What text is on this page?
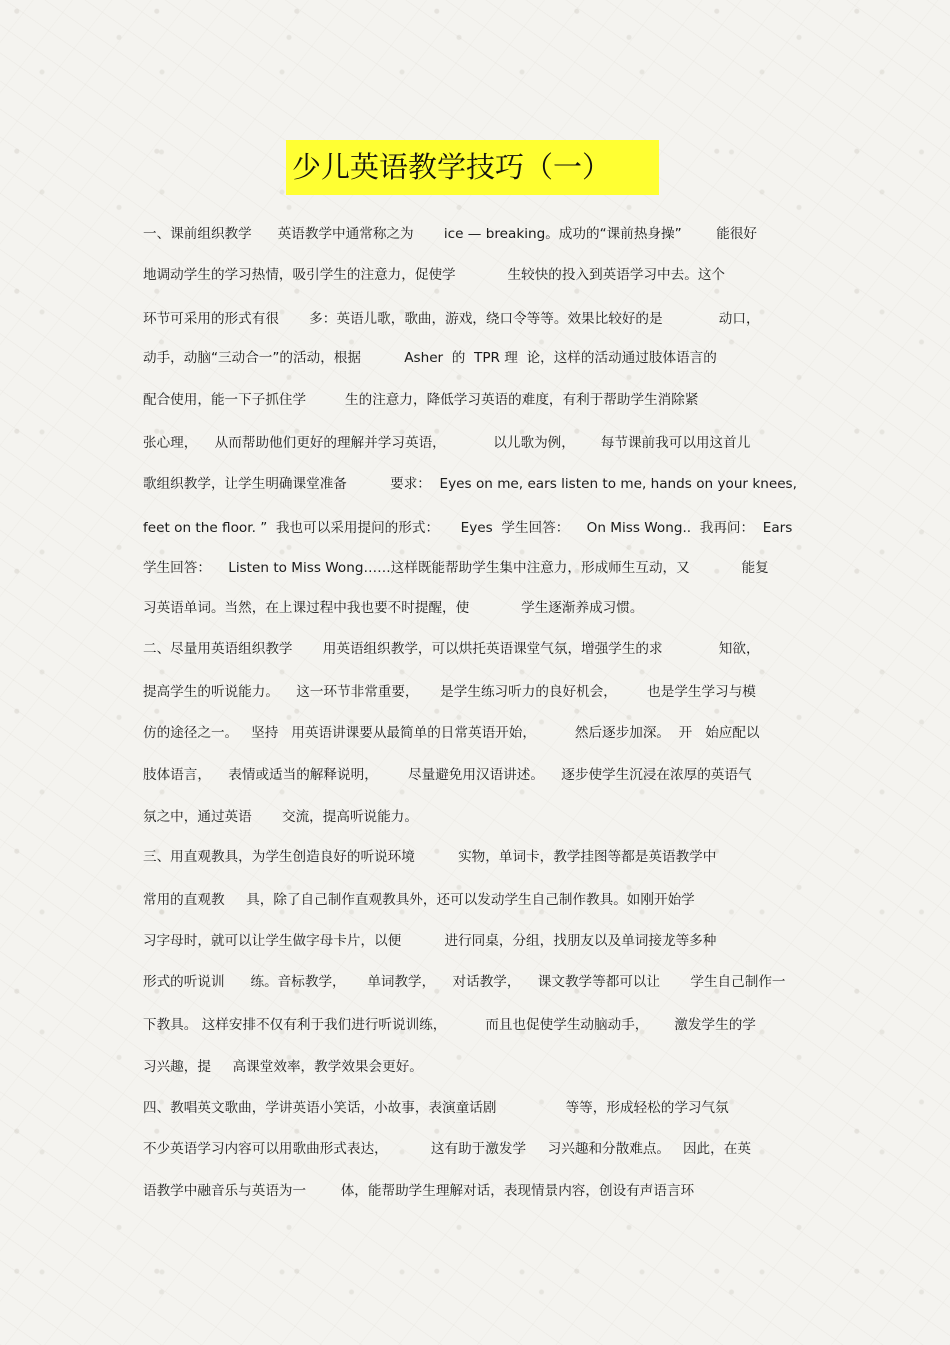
少儿英语教学技巧（一）
一、课前组织教学      英语教学中通常称之为       ice — breaking。成功的“课前热身操”        能很好
地调动学生的学习热情，吸引学生的注意力，促使学            生较快的投入到英语学习中去。这个
环节可采用的形式有很       多：英语儿歌，歌曲，游戏，绕口令等等。效果比较好的是             动口，
动手，动脑“三动合一”的活动，根据          Asher  的  TPR 理  论，这样的活动通过肢体语言的
配合使用，能一下子抓住学         生的注意力，降低学习英语的难度，有利于帮助学生消除紧
张心理，    从而帮助他们更好的理解并学习英语，           以儿歌为例，      每节课前我可以用这首儿
歌组织教学，让学生明确课堂准备          要求：  Eyes on me, ears listen to me, hands on your knees,
feet on the floor. ”  我也可以采用提问的形式：     Eyes  学生回答：    On Miss Wong..  我再问：  Ears
学生回答：    Listen to Miss Wong……这样既能帮助学生集中注意力，形成师生互动，又            能复
习英语单词。当然，在上课过程中我也要不时提醒，使            学生逐渐养成习惯。
二、尽量用英语组织教学       用英语组织教学，可以烘托英语课堂气氛，增强学生的求             知欲，
提高学生的听说能力。    这一环节非常重要，     是学生练习听力的良好机会，       也是学生学习与模
仿的途径之一。   坚持   用英语讲课要从最简单的日常英语开始，         然后逐步加深。  开   始应配以
肢体语言，    表情或适当的解释说明，       尽量避免用汉语讲述。    逐步使学生沉浸在浓厚的英语气
氛之中，通过英语       交流，提高听说能力。
三、用直观教具，为学生创造良好的听说环境          实物，单词卡，教学挂图等都是英语教学中
常用的直观教     具，除了自己制作直观教具外，还可以发动学生自己制作教具。如刚开始学
习字母时，就可以让学生做字母卡片，以便          进行同桌，分组，找朋友以及单词接龙等多种
形式的听说训      练。音标教学，     单词教学，    对话教学，    课文教学等都可以让       学生自己制作一
下教具。 这样安排不仅有利于我们进行听说训练，         而且也促使学生动脑动手，      激发学生的学
习兴趣，提     高课堂效率，教学效果会更好。
四、教唱英文歌曲，学讲英语小笑话，小故事，表演童话剧                等等，形成轻松的学习气氛
不少英语学习内容可以用歌曲形式表达，          这有助于激发学     习兴趣和分散难点。   因此，在英
语教学中融音乐与英语为一        体，能帮助学生理解对话，表现情景内容，创设有声语言环
